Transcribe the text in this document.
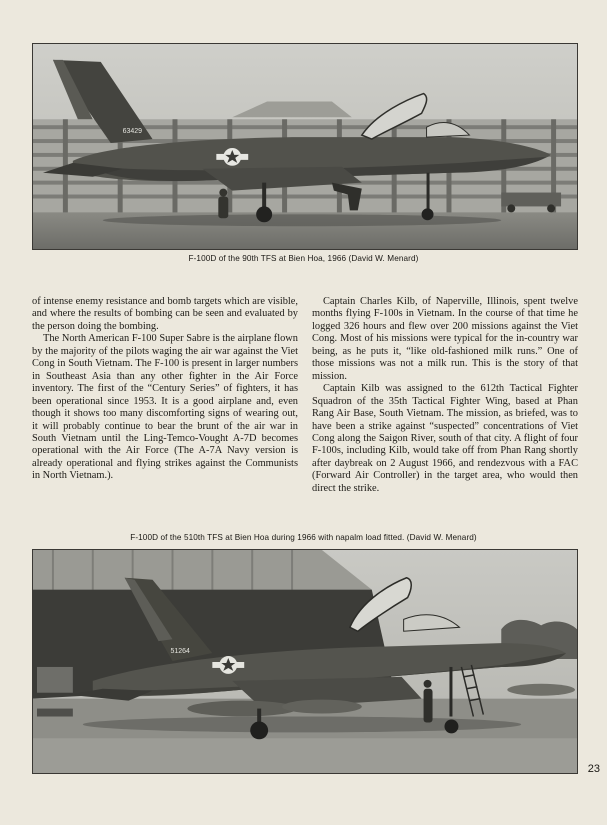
63429
F-100D of the 90th TFS at Bien Hoa, 1966 (David W. Menard)

of intense enemy resistance and bomb targets which are visible, and where the results of bombing can be seen and evaluated by the person doing the bombing.

The North American F-100 Super Sabre is the airplane flown by the majority of the pilots waging the air war against the Viet Cong in South Vietnam. The F-100 is present in larger numbers in Southeast Asia than any other fighter in the Air Force inventory. The first of the “Century Series” of fighters, it has been operational since 1953. It is a good airplane and, even though it shows too many discomforting signs of wearing out, it will probably continue to bear the brunt of the air war in South Vietnam until the Ling-Temco-Vought A-7D becomes operational with the Air Force (The A-7A Navy version is already operational and flying strikes against the Communists in North Vietnam.).

Captain Charles Kilb, of Naperville, Illinois, spent twelve months flying F-100s in Vietnam. In the course of that time he logged 326 hours and flew over 200 missions against the Viet Cong. Most of his missions were typical for the in-country war being, as he puts it, “like old-fashioned milk runs.” One of those missions was not a milk run. This is the story of that mission.

Captain Kilb was assigned to the 612th Tactical Fighter Squadron of the 35th Tactical Fighter Wing, based at Phan Rang Air Base, South Vietnam. The mission, as briefed, was to have been a strike against “suspected” concentrations of Viet Cong along the Saigon River, south of that city. A flight of four F-100s, including Kilb, would take off from Phan Rang shortly after daybreak on 2 August 1966, and rendezvous with a FAC (Forward Air Controller) in the target area, who would then direct the strike.

F-100D of the 510th TFS at Bien Hoa during 1966 with napalm load fitted. (David W. Menard)
51264
23
